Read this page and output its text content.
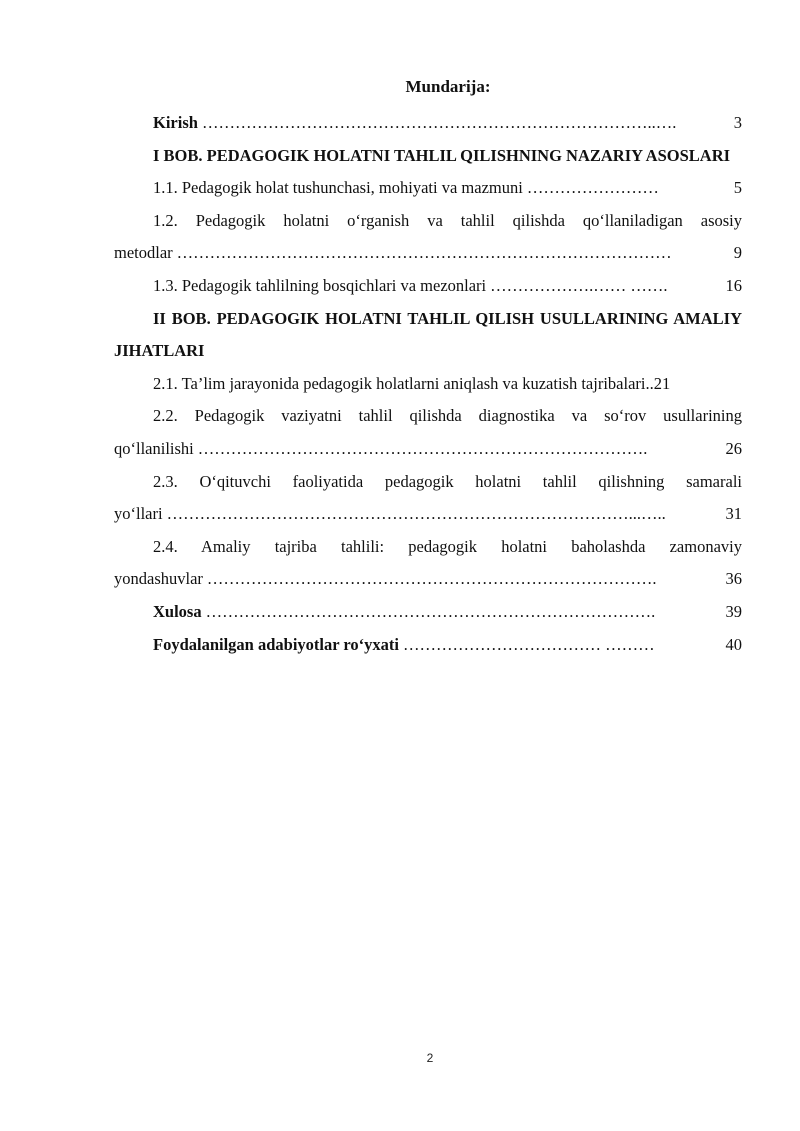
Mundarija:
Kirish ………………………………………………………………………..….	3
I BOB. PEDAGOGIK HOLATNI TAHLIL QILISHNING NAZARIY ASOSLARI
1.1. Pedagogik holat tushunchasi, mohiyati va mazmuni ……………………	5
1.2. Pedagogik holatni o‘rganish va tahlil qilishda qo‘llaniladigan asosiy
metodlar ………………………………………………………………………………	9
1.3. Pedagogik tahlilning bosqichlari va mezonlari ……………….…… …….	16
II BOB. PEDAGOGIK HOLATNI TAHLIL QILISH USULLARINING AMALIY JIHATLARI
2.1. Ta’lim jarayonida pedagogik holatlarni aniqlash va kuzatish tajribalari .. 21
2.2. Pedagogik vaziyatni tahlil qilishda diagnostika va so‘rov usullarining
qo‘llanilishi ……………………………………………………………………….	26
2.3. O‘qituvchi faoliyatida pedagogik holatni tahlil qilishning samarali
yo‘llari …………………………………………………………………………...…..	31
2.4. Amaliy tajriba tahlili: pedagogik holatni baholashda zamonaviy
yondashuvlar ……………………………………………………………………….	36
Xulosa ……………………………………………………………………….	39
Foydalanilgan adabiyotlar ro‘yxati ……………………………… ………	40
2
